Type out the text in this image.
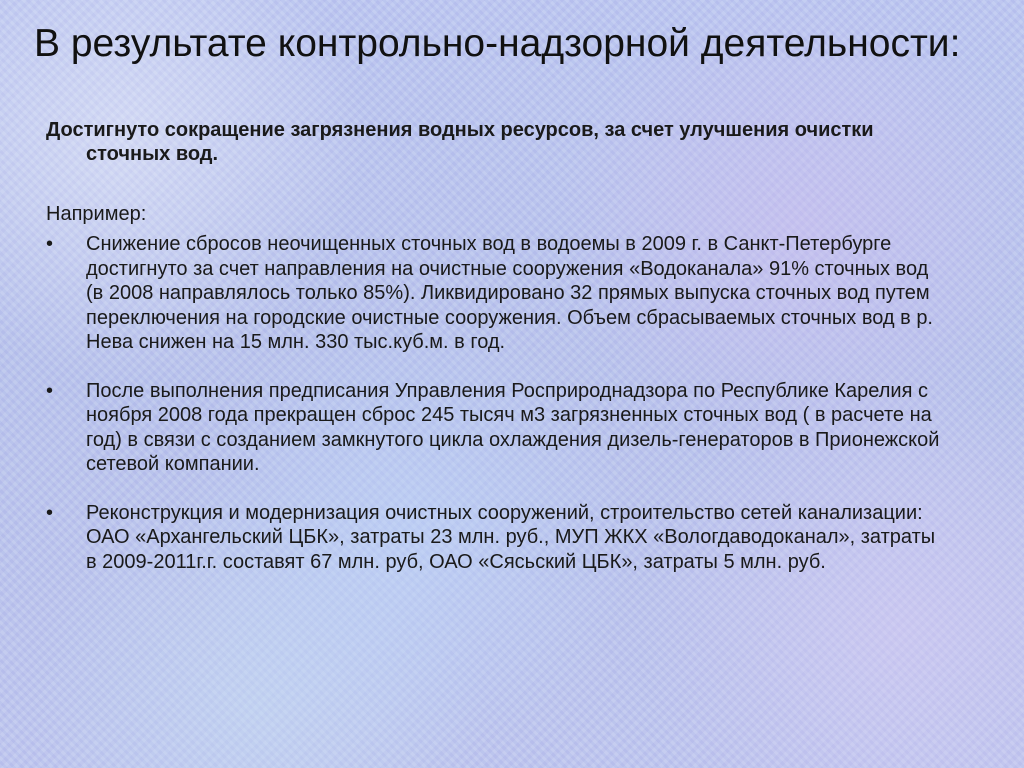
В результате контрольно-надзорной деятельности:

Достигнуто сокращение загрязнения водных ресурсов, за счет улучшения очистки сточных вод.

Например:

•	Снижение сбросов неочищенных сточных вод в водоемы в 2009 г. в Санкт-Петербурге достигнуто за счет направления на очистные сооружения «Водоканала» 91% сточных вод (в 2008 направлялось только 85%). Ликвидировано 32 прямых выпуска сточных вод путем переключения на городские очистные сооружения. Объем сбрасываемых сточных вод в р. Нева снижен на 15 млн. 330 тыс.куб.м. в год.
•	После выполнения предписания Управления Росприроднадзора по Республике Карелия с ноября 2008 года прекращен сброс 245 тысяч м3 загрязненных сточных вод ( в расчете на год) в связи с созданием замкнутого цикла охлаждения дизель-генераторов в Прионежской сетевой компании.
•	Реконструкция и модернизация очистных сооружений, строительство сетей канализации: ОАО «Архангельский ЦБК», затраты 23 млн. руб., МУП ЖКХ «Вологдаводоканал», затраты в 2009-2011г.г. составят 67 млн. руб, ОАО «Сясьский ЦБК», затраты 5 млн. руб.
